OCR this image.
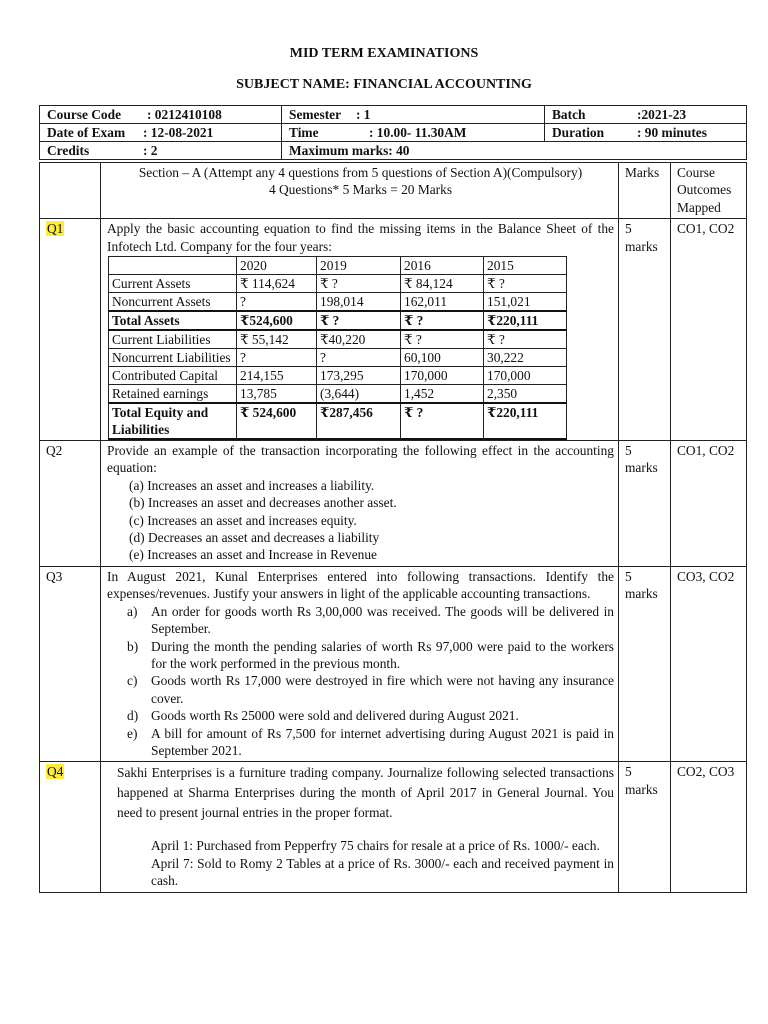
MID TERM EXAMINATIONS
SUBJECT NAME: FINANCIAL ACCOUNTING
Course Code : 0212410108	Semester : 1	Batch :2021-23

Date of Exam : 12-08-2021	Time : 10.00- 11.30AM	Duration : 90 minutes

Credits : 2	Maximum marks: 40	

Section – A (Attempt any 4 questions from 5 questions of Section A)(Compulsory)
4 Questions* 5 Marks = 20 Marks
	Marks	Course Outcomes Mapped
Q1	Apply the basic accounting equation to find the missing items in the Balance Sheet of the Infotech Ltd. Company for the four years:
	2020	2019	2016	2015
Current Assets	₹ 114,624	₹ ?	₹ 84,124	₹ ?
Noncurrent Assets	?	198,014	162,011	151,021
Total Assets	₹524,600	₹ ?	₹ ?	₹220,111
Current Liabilities	₹ 55,142	₹40,220	₹ ?	₹ ?
Noncurrent Liabilities	?	?	60,100	30,222
Contributed Capital	214,155	173,295	170,000	170,000
Retained earnings	13,785	(3,644)	1,452	2,350
Total Equity and Liabilities	₹ 524,600	₹287,456	₹ ?	₹220,111
	5 marks	CO1, CO2
Q2	Provide an example of the transaction incorporating the following effect in the accounting equation:
(a) Increases an asset and increases a liability.
(b) Increases an asset and decreases another asset.
(c) Increases an asset and increases equity.
(d) Decreases an asset and decreases a liability
(e) Increases an asset and Increase in Revenue
	5 marks	CO1, CO2
Q3	In August 2021, Kunal Enterprises entered into following transactions. Identify the expenses/revenues. Justify your answers in light of the applicable accounting transactions.
a)	An order for goods worth Rs 3,00,000 was received. The goods will be delivered in September.
b) During the month the pending salaries of worth Rs 97,000 were paid to the workers for the work performed in the previous month.
c)	Goods worth Rs 17,000 were destroyed in fire which were not having any insurance cover.
d) Goods worth Rs 25000 were sold and delivered during August 2021.
e)	A bill for amount of Rs 7,500 for internet advertising during August 2021 is paid in September 2021.
	5 marks	CO3, CO2
Q4	Sakhi Enterprises is a furniture trading company. Journalize following selected transactions happened at Sharma Enterprises during the month of April 2017 in General Journal. You need to present journal entries in the proper format.

April 1: Purchased from Pepperfry 75 chairs for resale at a price of Rs. 1000/- each.

April 7: Sold to Romy 2 Tables at a price of Rs. 3000/- each and received payment in cash.

	5 marks	CO2, CO3
